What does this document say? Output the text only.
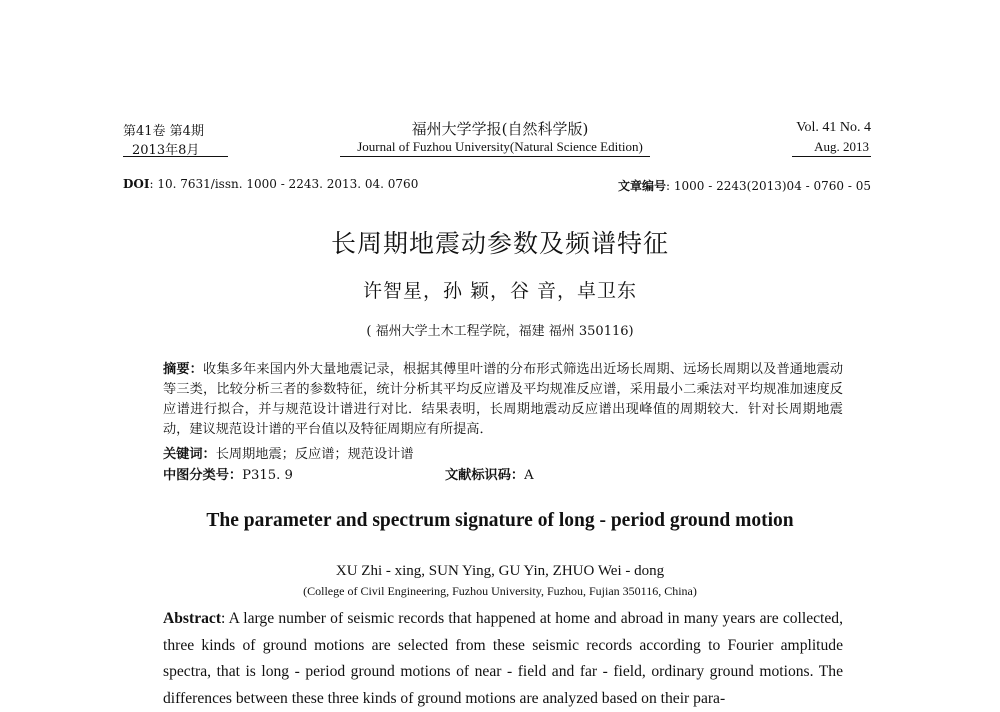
第41卷 第4期
2013年8月
福州大学学报(自然科学版)
Journal of Fuzhou University(Natural Science Edition)
Vol. 41 No. 4
Aug. 2013
DOI: 10. 7631/issn. 1000 - 2243. 2013. 04. 0760	文章编号: 1000 - 2243(2013)04 - 0760 - 05
长周期地震动参数及频谱特征
许智星，孙 颖，谷 音，卓卫东
( 福州大学土木工程学院，福建 福州 350116)
摘要：收集多年来国内外大量地震记录，根据其傅里叶谱的分布形式筛选出近场长周期、远场长周期以及普通地震动等三类，比较分析三者的参数特征，统计分析其平均反应谱及平均规准反应谱，采用最小二乘法对平均规准加速度反应谱进行拟合，并与规范设计谱进行对比．结果表明，长周期地震动反应谱出现峰值的周期较大．针对长周期地震动，建议规范设计谱的平台值以及特征周期应有所提高．
关键词：长周期地震；反应谱；规范设计谱
中图分类号：P315. 9	文献标识码：A
The parameter and spectrum signature of long - period ground motion
XU Zhi - xing, SUN Ying, GU Yin, ZHUO Wei - dong
(College of Civil Engineering, Fuzhou University, Fuzhou, Fujian 350116, China)
Abstract: A large number of seismic records that happened at home and abroad in many years are collected, three kinds of ground motions are selected from these seismic records according to Fourier amplitude spectra, that is long - period ground motions of near - field and far - field, ordinary ground motions. The differences between these three kinds of ground motions are analyzed based on their para-
